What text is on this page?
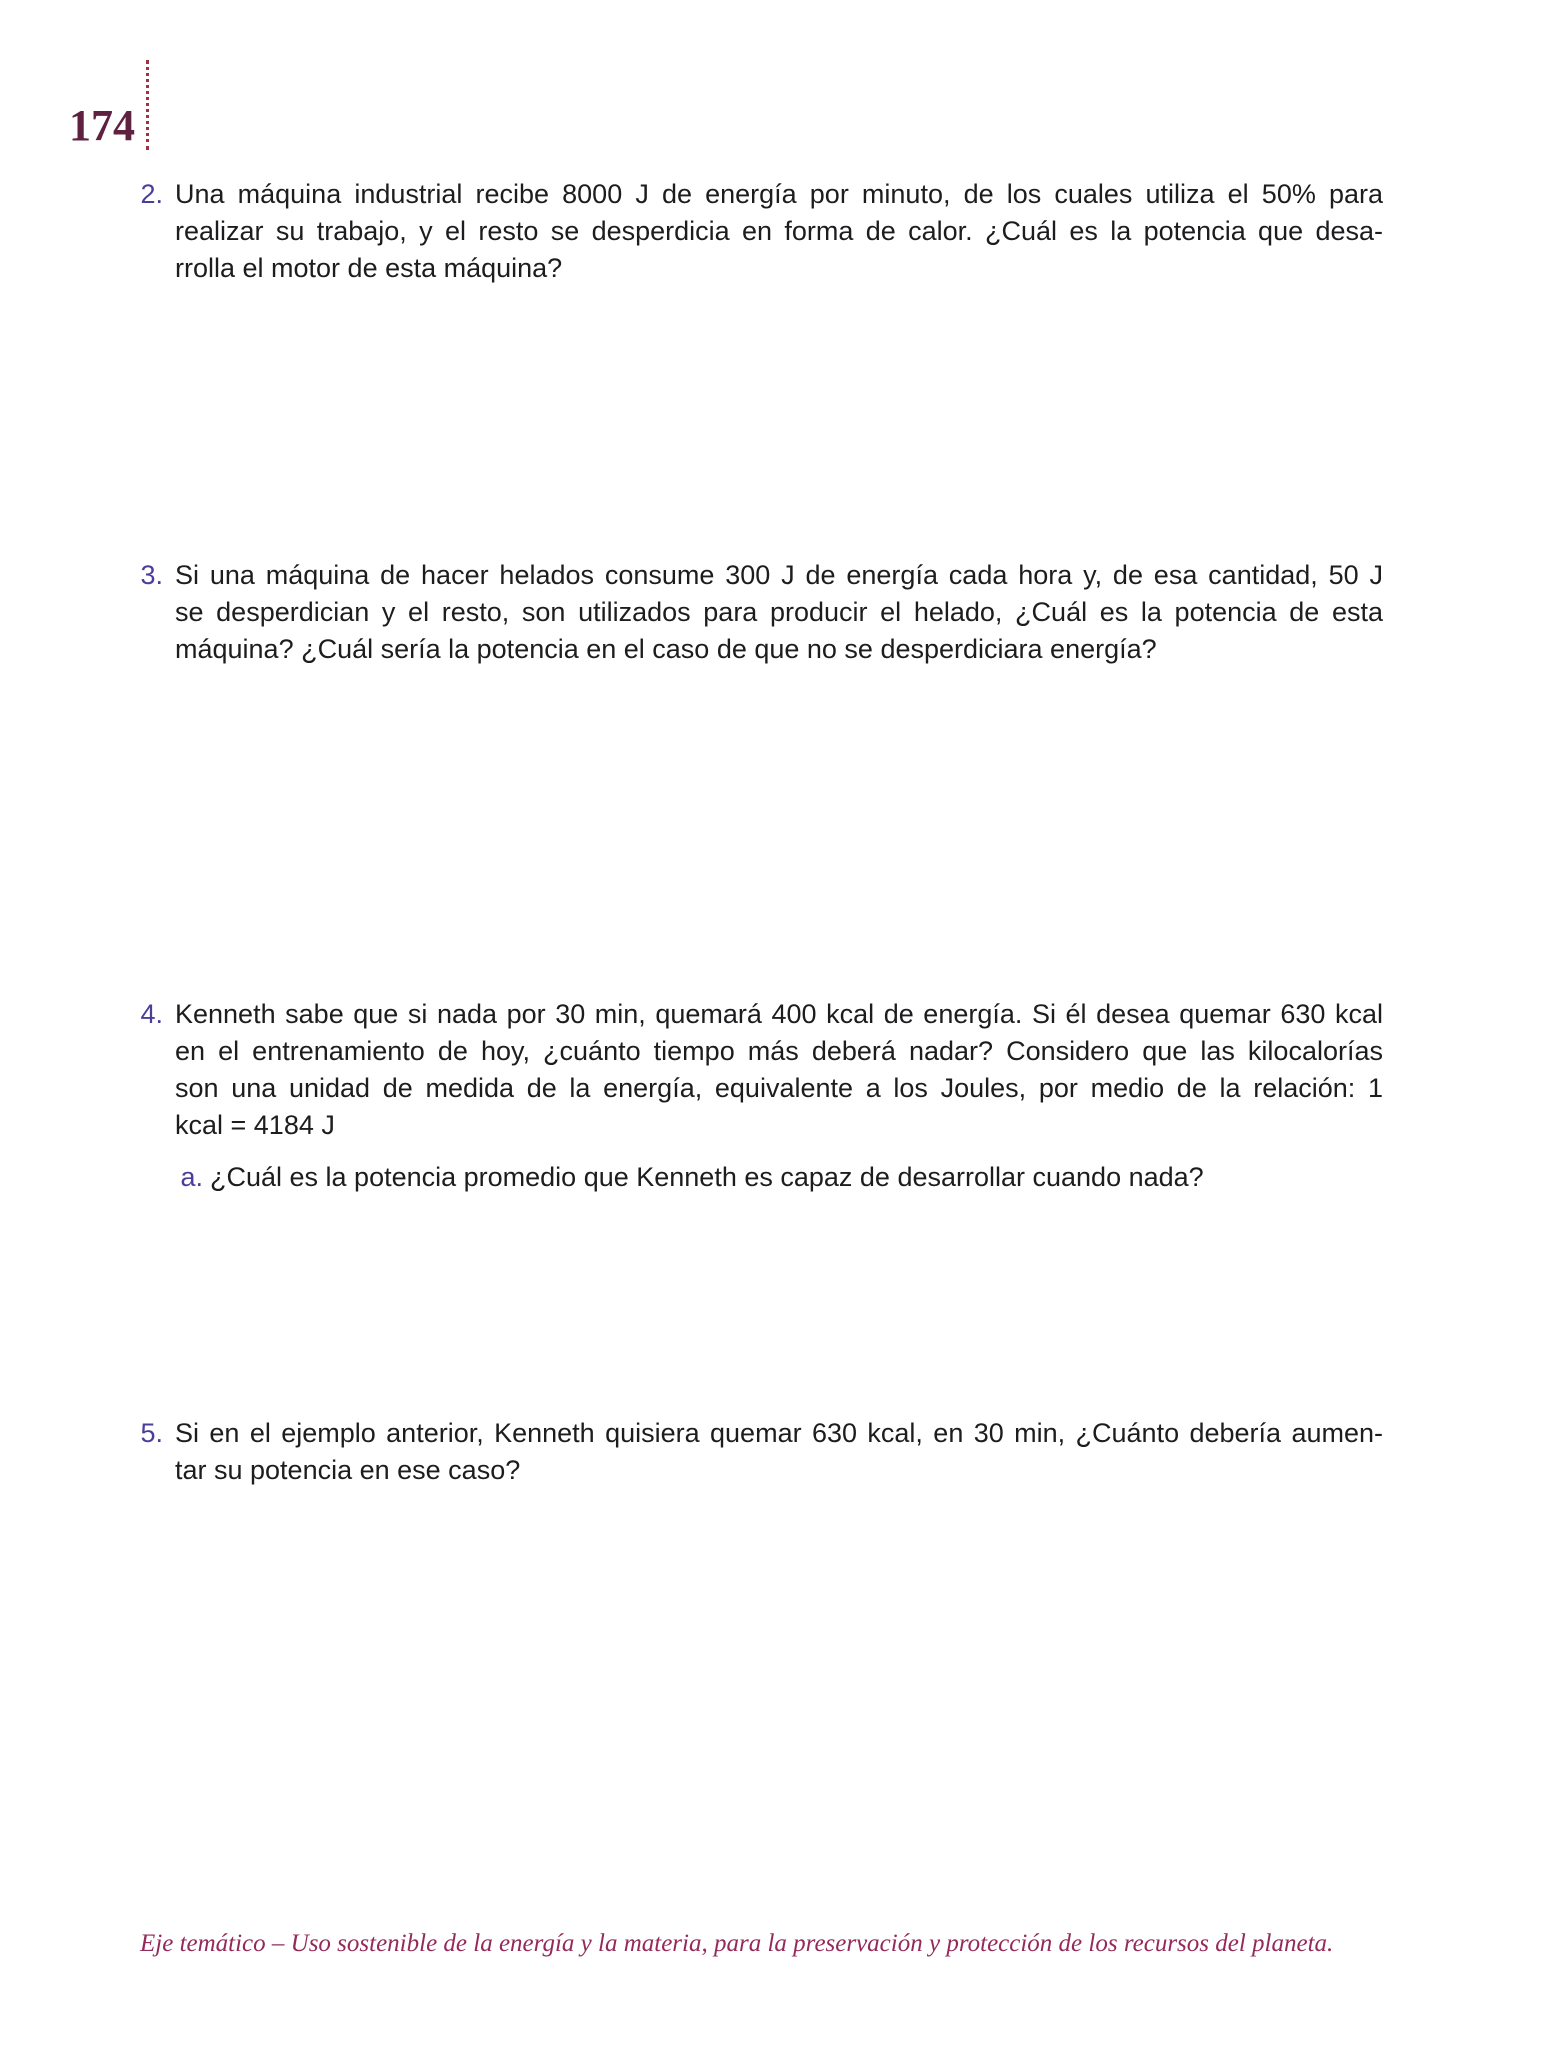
174
2. Una máquina industrial recibe 8000 J de energía por minuto, de los cuales utiliza el 50% para
realizar su trabajo, y el resto se desperdicia en forma de calor. ¿Cuál es la potencia que desa-
rrolla el motor de esta máquina?
3. Si una máquina de hacer helados consume 300 J de energía cada hora y, de esa cantidad, 50 J
se desperdician y el resto, son utilizados para producir el helado, ¿Cuál es la potencia de esta
máquina? ¿Cuál sería la potencia en el caso de que no se desperdiciara energía?
4. Kenneth sabe que si nada por 30 min, quemará 400 kcal de energía. Si él desea quemar 630 kcal
en el entrenamiento de hoy, ¿cuánto tiempo más deberá nadar? Considero que las kilocalorías
son una unidad de medida de la energía, equivalente a los Joules, por medio de la relación: 1
kcal = 4184 J
a. ¿Cuál es la potencia promedio que Kenneth es capaz de desarrollar cuando nada?
5. Si en el ejemplo anterior, Kenneth quisiera quemar 630 kcal, en 30 min, ¿Cuánto debería aumen-
tar su potencia en ese caso?
Eje temático – Uso sostenible de la energía y la materia, para la preservación y protección de los recursos del planeta.
